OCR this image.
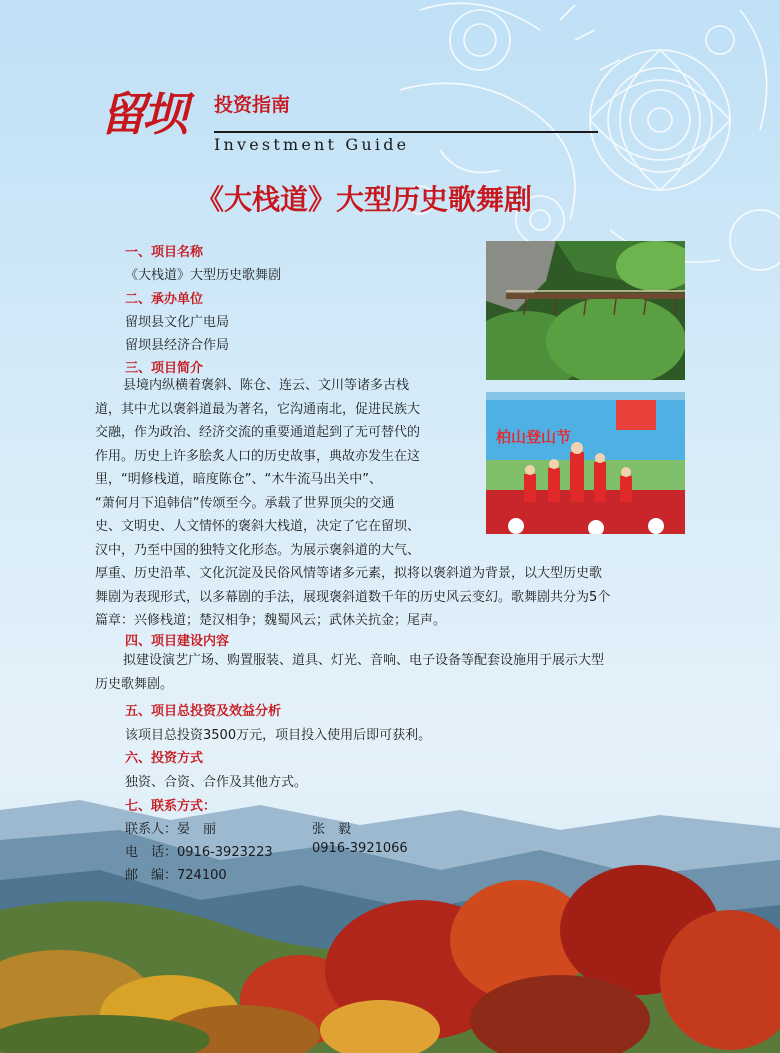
留坝 投资指南
Investment Guide
《大栈道》大型历史歌舞剧
柏山登山节
一、项目名称
《大栈道》大型历史歌舞剧
二、承办单位
留坝县文化广电局
留坝县经济合作局
三、项目简介
县境内纵横着褒斜、陈仓、连云、文川等诸多古栈
道，其中尤以褒斜道最为著名，它沟通南北，促进民族大
交融，作为政治、经济交流的重要通道起到了无可替代的
作用。历史上许多脍炙人口的历史故事，典故亦发生在这
里，“明修栈道，暗度陈仓”、“木牛流马出关中”、
“萧何月下追韩信”传颂至今。承载了世界顶尖的交通
史、文明史、人文情怀的褒斜大栈道，决定了它在留坝、
汉中，乃至中国的独特文化形态。为展示褒斜道的大气、
厚重、历史沿革、文化沉淀及民俗风情等诸多元素，拟将以褒斜道为背景，以大型历史歌
舞剧为表现形式，以多幕剧的手法，展现褒斜道数千年的历史风云变幻。歌舞剧共分为5个
篇章：兴修栈道；楚汉相争；魏蜀风云；武休关抗金；尾声。
四、项目建设内容
拟建设演艺广场、购置服装、道具、灯光、音响、电子设备等配套设施用于展示大型
历史歌舞剧。
五、项目总投资及效益分析
该项目总投资3500万元，项目投入使用后即可获利。
六、投资方式
独资、合资、合作及其他方式。
七、联系方式：
联系人：晏　丽	张　毅
电　话：0916-3923223	0916-3921066
邮　编：724100
